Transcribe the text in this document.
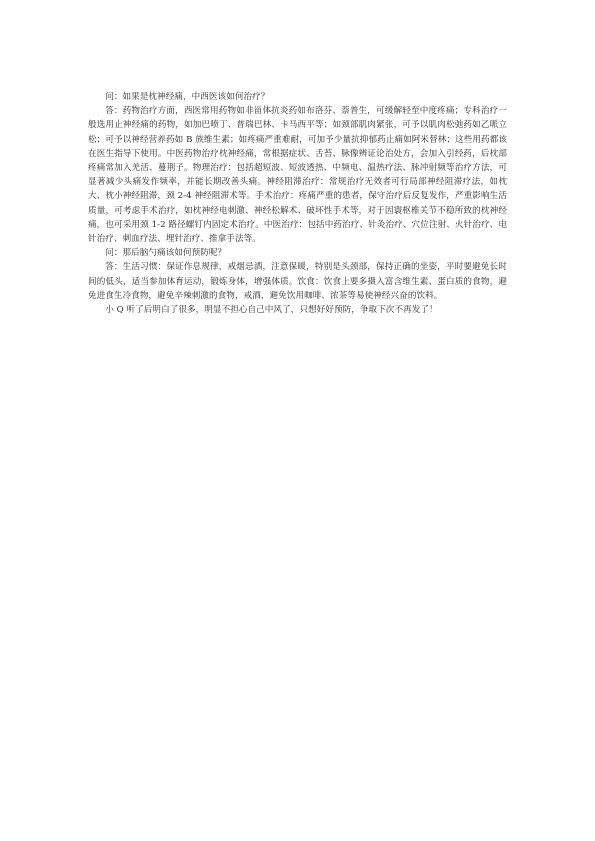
问：如果是枕神经痛，中西医该如何治疗？

答：药物治疗方面，西医常用药物如非甾体抗炎药如布洛芬、萘普生，可缓解轻至中度疼痛；专科治疗一般选用止神经痛的药物，如加巴喷丁、普瑞巴林、卡马西平等；如颈部肌肉紧张，可予以肌肉松弛药如乙哌立松；可予以神经营养药如 B 族维生素；如疼痛严重难耐，可加予少量抗抑郁药止痛如阿米替林；这些用药都该在医生指导下使用。中医药物治疗枕神经痛，常根据症状、舌苔、脉像辨证论治处方，会加入引经药，后枕部疼痛常加入羌活、蔓荆子。物理治疗：包括超短波、短波透热、中频电、温热疗法、脉冲射频等治疗方法，可显著减少头痛发作频率，并能长期改善头痛。神经阻滞治疗：常规治疗无效者可行局部神经阻滞疗法，如枕大、枕小神经阻滞，颈 2-4 神经阻滞术等。手术治疗：疼痛严重的患者，保守治疗后反复发作，严重影响生活质量，可考虑手术治疗，如枕神经电刺激、神经松解术、破坏性手术等，对于因寰枢椎关节不稳所致的枕神经痛，也可采用颈 1-2 路径螺钉内固定术治疗。中医治疗：包括中药治疗、针灸治疗、穴位注射、火针治疗、电针治疗、刺血疗法、埋针治疗、推拿手法等。

问：那后脑勺痛该如何预防呢？

答：生活习惯：保证作息规律，戒烟忌酒，注意保暖，特别是头颈部，保持正确的坐姿，平时要避免长时间的低头，适当参加体育运动，锻炼身体，增强体质。饮食：饮食上要多摄入富含维生素、蛋白质的食物，避免进食生冷食物，避免辛辣刺激的食物，戒酒，避免饮用咖啡、浓茶等易使神经兴奋的饮料。

小 Q 听了后明白了很多，明显不担心自己中风了，只想好好预防，争取下次不再发了！
